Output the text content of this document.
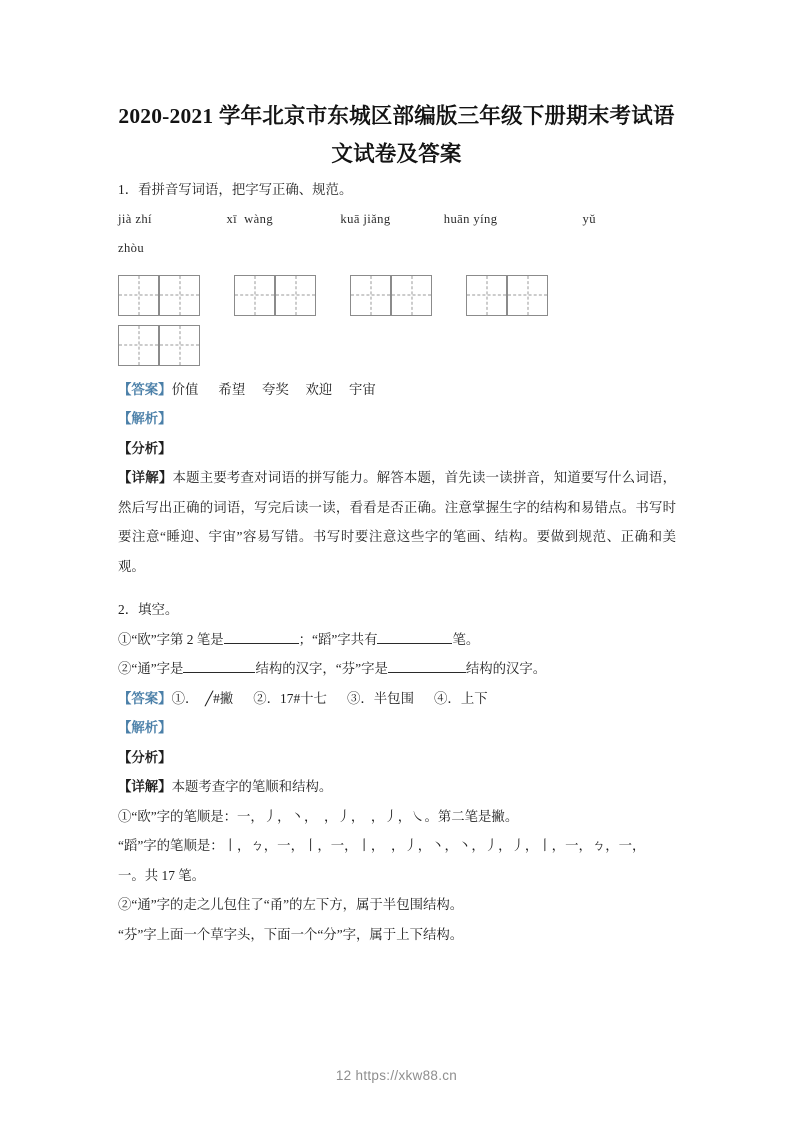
2020-2021 学年北京市东城区部编版三年级下册期末考试语
文试卷及答案

1．看拼音写词语，把字写正确、规范。

jià zhí                     xī  wàng                   kuā jiǎng               huān yíng                        yǔ
zhòu

【答案】价值      希望     夸奖     欢迎     宇宙

【解析】

【分析】

【详解】本题主要考查对词语的拼写能力。解答本题，首先读一读拼音，知道要写什么词语，然后写出正确的词语，写完后读一读，看看是否正确。注意掌握生字的结构和易错点。书写时要注意“睡迎、宇宙”容易写错。书写时要注意这些字的笔画、结构。要做到规范、正确和美观。

2．填空。

①“欧”字第 2 笔是	；“蹈”字共有	笔。

②“通”字是	结构的汉字，“芬”字是	结构的汉字。

【答案】①．  ╱#撇      ②．17#十七      ③．半包围      ④．上下

【解析】

【分析】

【详解】本题考查字的笔顺和结构。

①“欧”字的笔顺是：一，丿，丶，　，丿，　，丿，㇏。第二笔是撇。

“蹈”字的笔顺是：丨，ㄅ，一，丨，一，丨，　，丿，丶，丶，丿，丿，丨，一，ㄅ，一，

一。共 17 笔。

②“通”字的走之儿包住了“甬”的左下方，属于半包围结构。

“芬”字上面一个草字头，下面一个“分”字，属于上下结构。

12 https://xkw88.cn
